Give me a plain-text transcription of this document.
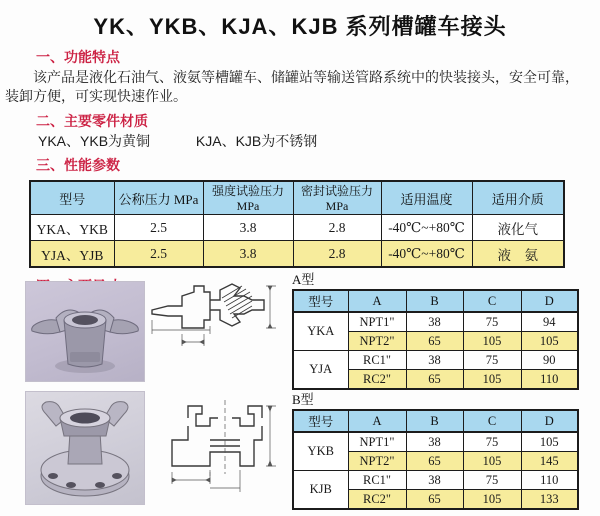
YK、YKB、KJA、KJB 系列槽罐车接头
一、功能特点
该产品是液化石油气、液氨等槽罐车、储罐站等输送管路系统中的快装接头，安全可靠，装卸方便，可实现快速作业。
二、主要零件材质
YKA、YKB为黄铜	KJA、KJB为不锈钢
三、性能参数
型号	公称压力 MPa	强度试验压力MPa	密封试验压力MPa	适用温度	适用介质
YKA、YKB	2.5	3.8	2.8	-40℃~+80℃	液化气
YJA、YJB	2.5	3.8	2.8	-40℃~+80℃	液　氨
A型
型号	A	B	C	D
YKA	NPT1"	38	75	94
	NPT2"	65	105	105
YJA	RC1"	38	75	90
	RC2"	65	105	110
B型
型号	A	B	C	D
YKB	NPT1"	38	75	105
	NPT2"	65	105	145
KJB	RC1"	38	75	110
	RC2"	65	105	133
